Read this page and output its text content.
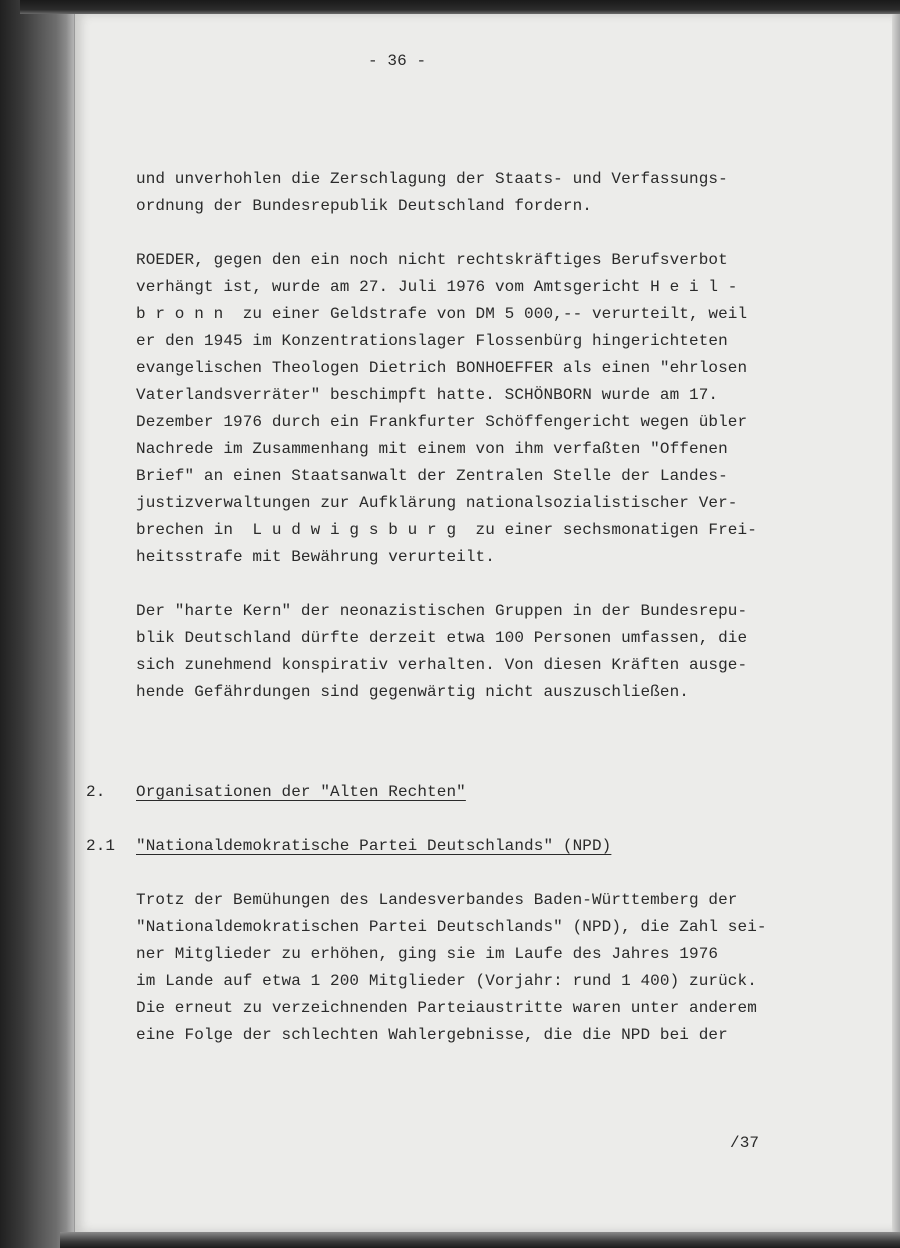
- 36 -
und unverhohlen die Zerschlagung der Staats- und Verfassungs-
ordnung der Bundesrepublik Deutschland fordern.
ROEDER, gegen den ein noch nicht rechtskräftiges Berufsverbot
verhängt ist, wurde am 27. Juli 1976 vom Amtsgericht H e i l -
b r o n n  zu einer Geldstrafe von DM 5 000,-- verurteilt, weil
er den 1945 im Konzentrationslager Flossenbürg hingerichteten
evangelischen Theologen Dietrich BONHOEFFER als einen "ehrlosen
Vaterlandsverräter" beschimpft hatte. SCHÖNBORN wurde am 17.
Dezember 1976 durch ein Frankfurter Schöffengericht wegen übler
Nachrede im Zusammenhang mit einem von ihm verfaßten "Offenen
Brief" an einen Staatsanwalt der Zentralen Stelle der Landes-
justizverwaltungen zur Aufklärung nationalsozialistischer Ver-
brechen in  L u d w i g s b u r g  zu einer sechsmonatigen Frei-
heitsstrafe mit Bewährung verurteilt.
Der "harte Kern" der neonazistischen Gruppen in der Bundesrepu-
blik Deutschland dürfte derzeit etwa 100 Personen umfassen, die
sich zunehmend konspirativ verhalten. Von diesen Kräften ausge-
hende Gefährdungen sind gegenwärtig nicht auszuschließen.
2. Organisationen der "Alten Rechten"
2.1 "Nationaldemokratische Partei Deutschlands" (NPD)
Trotz der Bemühungen des Landesverbandes Baden-Württemberg der
"Nationaldemokratischen Partei Deutschlands" (NPD), die Zahl sei-
ner Mitglieder zu erhöhen, ging sie im Laufe des Jahres 1976
im Lande auf etwa 1 200 Mitglieder (Vorjahr: rund 1 400) zurück.
Die erneut zu verzeichnenden Parteiaustritte waren unter anderem
eine Folge der schlechten Wahlergebnisse, die die NPD bei der
/37
